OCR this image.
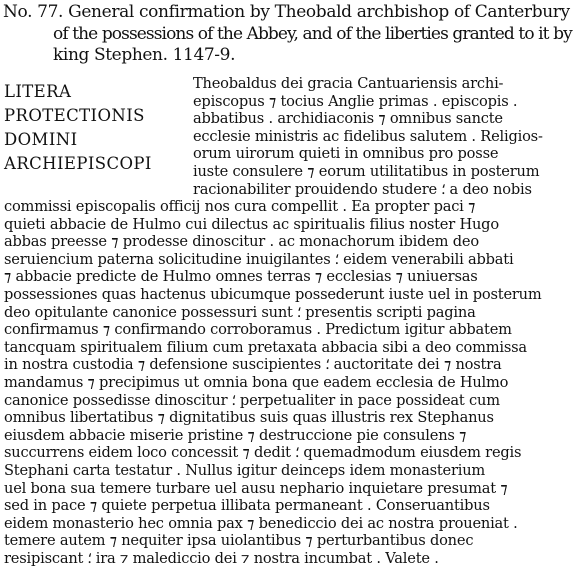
No. 77. General confirmation by Theobald archbishop of Canterbury
of the possessions of the Abbey, and of the liberties granted to it by
king Stephen. 1147-9.
LITERA
PROTECTIONIS
DOMINI
ARCHIEPISCOPI
Theobaldus dei gracia Cantuariensis archi-
episcopus ⁊ tocius Anglie primas . episcopis .
abbatibus . archidiaconis ⁊ omnibus sancte
ecclesie ministris ac fidelibus salutem . Religios-
orum uirorum quieti in omnibus pro posse
iuste consulere ⁊ eorum utilitatibus in posterum
racionabiliter prouidendo studere ⸵ a deo nobis
commissi episcopalis officij nos cura compellit . Ea propter paci ⁊
quieti abbacie de Hulmo cui dilectus ac spiritualis filius noster Hugo
abbas preesse ⁊ prodesse dinoscitur . ac monachorum ibidem deo
seruiencium paterna solicitudine inuigilantes ⸵ eidem venerabili abbati
⁊ abbacie predicte de Hulmo omnes terras ⁊ ecclesias ⁊ uniuersas
possessiones quas hactenus ubicumque possederunt iuste uel in posterum
deo opitulante canonice possessuri sunt ⸵ presentis scripti pagina
confirmamus ⁊ confirmando corroboramus . Predictum igitur abbatem
tancquam spiritualem filium cum pretaxata abbacia sibi a deo commissa
in nostra custodia ⁊ defensione suscipientes ⸵ auctoritate dei ⁊ nostra
mandamus ⁊ precipimus ut omnia bona que eadem ecclesia de Hulmo
canonice possedisse dinoscitur ⸵ perpetualiter in pace possideat cum
omnibus libertatibus ⁊ dignitatibus suis quas illustris rex Stephanus
eiusdem abbacie miserie pristine ⁊ destruccione pie consulens ⁊
succurrens eidem loco concessit ⁊ dedit ⸵ quemadmodum eiusdem regis
Stephani carta testatur . Nullus igitur deinceps idem monasterium
uel bona sua temere turbare uel ausu nephario inquietare presumat ⁊
sed in pace ⁊ quiete perpetua illibata permaneant . Conseruantibus
eidem monasterio hec omnia pax ⁊ benediccio dei ac nostra proueniat .
temere autem ⁊ nequiter ipsa uiolantibus ⁊ perturbantibus donec
resipiscant ⸵ ira ⁊ malediccio dei ⁊ nostra incumbat . Valete .
